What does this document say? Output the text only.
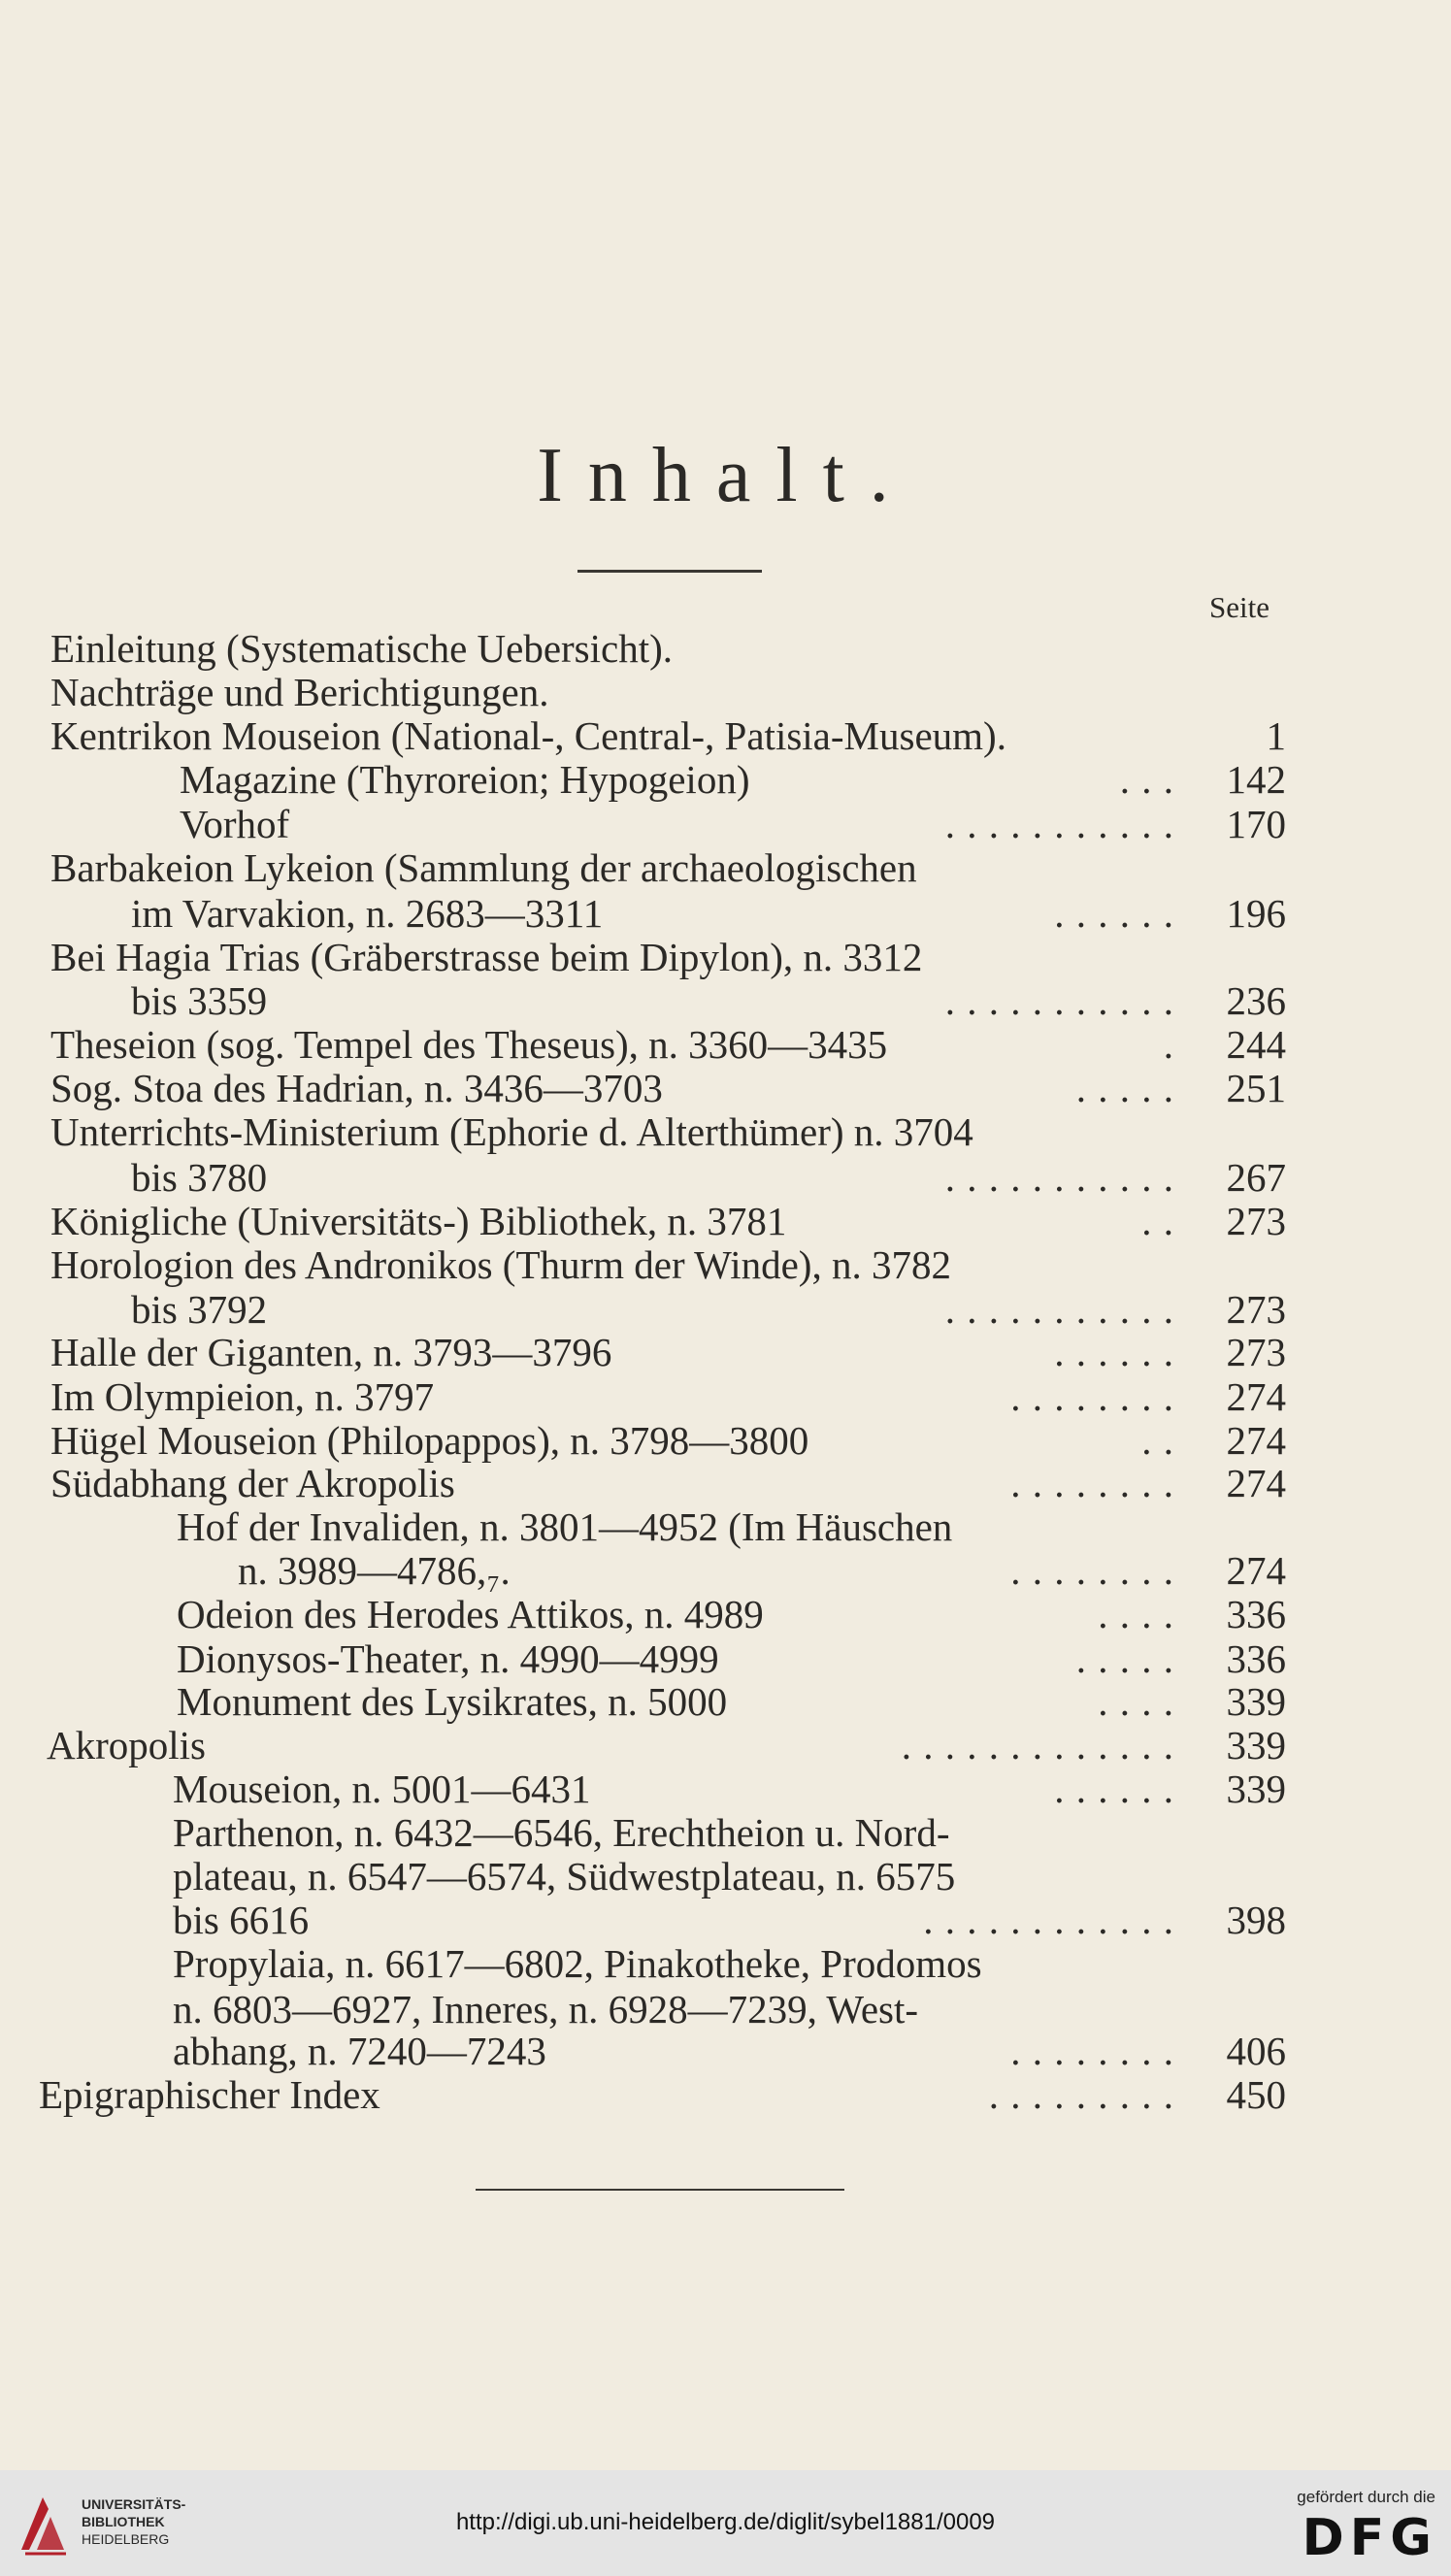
Inhalt.
Seite
Einleitung (Systematische Uebersicht).
Nachträge und Berichtigungen.
Kentrikon Mouseion (National-, Central-, Patisia-Museum).	1
Magazine (Thyroreion; Hypogeion)	. . . 142
Vorhof	. . . . . . . . . . . 170
Barbakeion Lykeion (Sammlung der archaeologischen
im Varvakion, n. 2683—3311	. . . . . . 196
Bei Hagia Trias (Gräberstrasse beim Dipylon), n. 3312
bis 3359	. . . . . . . . . . . 236
Theseion (sog. Tempel des Theseus), n. 3360—3435	. 244
Sog. Stoa des Hadrian, n. 3436—3703	. . . . . 251
Unterrichts-Ministerium (Ephorie d. Alterthümer) n. 3704
bis 3780	. . . . . . . . . . . 267
Königliche (Universitäts-) Bibliothek, n. 3781	. . 273
Horologion des Andronikos (Thurm der Winde), n. 3782
bis 3792	. . . . . . . . . . . 273
Halle der Giganten, n. 3793—3796	. . . . . . 273
Im Olympieion, n. 3797	. . . . . . . . 274
Hügel Mouseion (Philopappos), n. 3798—3800	. . 274
Südabhang der Akropolis	. . . . . . . . 274
Hof der Invaliden, n. 3801—4952 (Im Häuschen
n. 3989—4786,₇.	. . . . . . . . 274
Odeion des Herodes Attikos, n. 4989	. . . . 336
Dionysos-Theater, n. 4990—4999	. . . . . 336
Monument des Lysikrates, n. 5000	. . . . 339
Akropolis	. . . . . . . . . . . . . 339
Mouseion, n. 5001—6431	. . . . . . 339
Parthenon, n. 6432—6546, Erechtheion u. Nord-
plateau, n. 6547—6574, Südwestplateau, n. 6575
bis 6616	. . . . . . . . . . . . 398
Propylaia, n. 6617—6802, Pinakotheke, Prodomos
n. 6803—6927, Inneres, n. 6928—7239, West-
abhang, n. 7240—7243	. . . . . . . . 406
Epigraphischer Index	. . . . . . . . . 450
UNIVERSITÄTS-
BIBLIOTHEK
HEIDELBERG
http://digi.ub.uni-heidelberg.de/diglit/sybel1881/0009
gefördert durch die
DFG
